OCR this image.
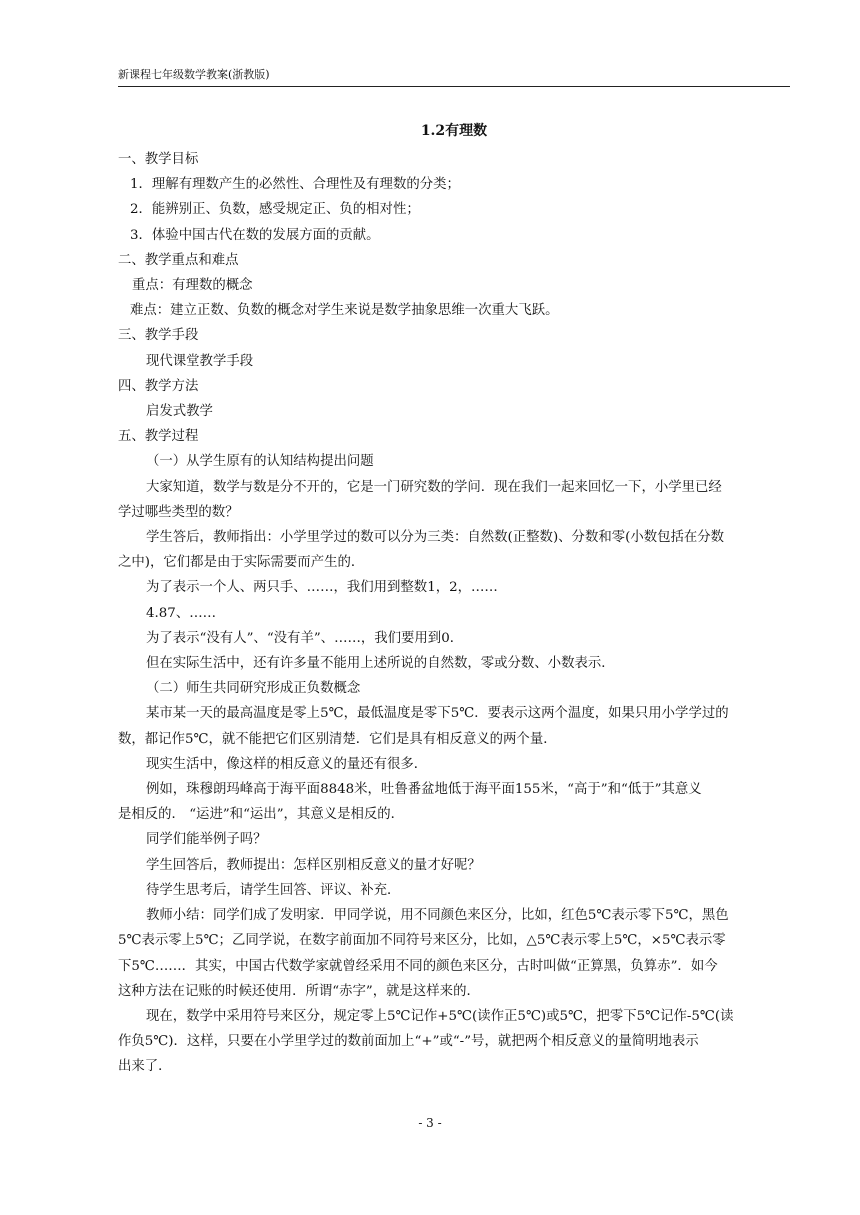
新课程七年级数学教案(浙教版)
1.2有理数

一、教学目标

1．理解有理数产生的必然性、合理性及有理数的分类；

2．能辨别正、负数，感受规定正、负的相对性；

3．体验中国古代在数的发展方面的贡献。

二、教学重点和难点

重点：有理数的概念

难点：建立正数、负数的概念对学生来说是数学抽象思维一次重大飞跃。

三、教学手段

现代课堂教学手段

四、教学方法

启发式教学

五、教学过程

（一）从学生原有的认知结构提出问题

大家知道，数学与数是分不开的，它是一门研究数的学问．现在我们一起来回忆一下，小学里已经

学过哪些类型的数？

学生答后，教师指出：小学里学过的数可以分为三类：自然数(正整数)、分数和零(小数包括在分数

之中)，它们都是由于实际需要而产生的．

为了表示一个人、两只手、……，我们用到整数1，2，……

4.87、……

为了表示“没有人”、“没有羊”、……，我们要用到0．

但在实际生活中，还有许多量不能用上述所说的自然数，零或分数、小数表示．

（二）师生共同研究形成正负数概念

某市某一天的最高温度是零上5℃，最低温度是零下5℃．要表示这两个温度，如果只用小学学过的

数，都记作5℃，就不能把它们区别清楚．它们是具有相反意义的两个量．

现实生活中，像这样的相反意义的量还有很多．

例如，珠穆朗玛峰高于海平面8848米，吐鲁番盆地低于海平面155米，“高于”和“低于”其意义

是相反的． “运进”和“运出”，其意义是相反的．

同学们能举例子吗？

学生回答后，教师提出：怎样区别相反意义的量才好呢？

待学生思考后，请学生回答、评议、补充．

教师小结：同学们成了发明家．甲同学说，用不同颜色来区分，比如，红色5℃表示零下5℃，黑色

5℃表示零上5℃；乙同学说，在数字前面加不同符号来区分，比如，△5℃表示零上5℃，×5℃表示零

下5℃……．其实，中国古代数学家就曾经采用不同的颜色来区分，古时叫做“正算黑，负算赤”．如今

这种方法在记账的时候还使用．所谓“赤字”，就是这样来的．

现在，数学中采用符号来区分，规定零上5℃记作+5℃(读作正5℃)或5℃，把零下5℃记作-5℃(读

作负5℃)．这样，只要在小学里学过的数前面加上“+”或“-”号，就把两个相反意义的量简明地表示

出来了．

- 3 -
